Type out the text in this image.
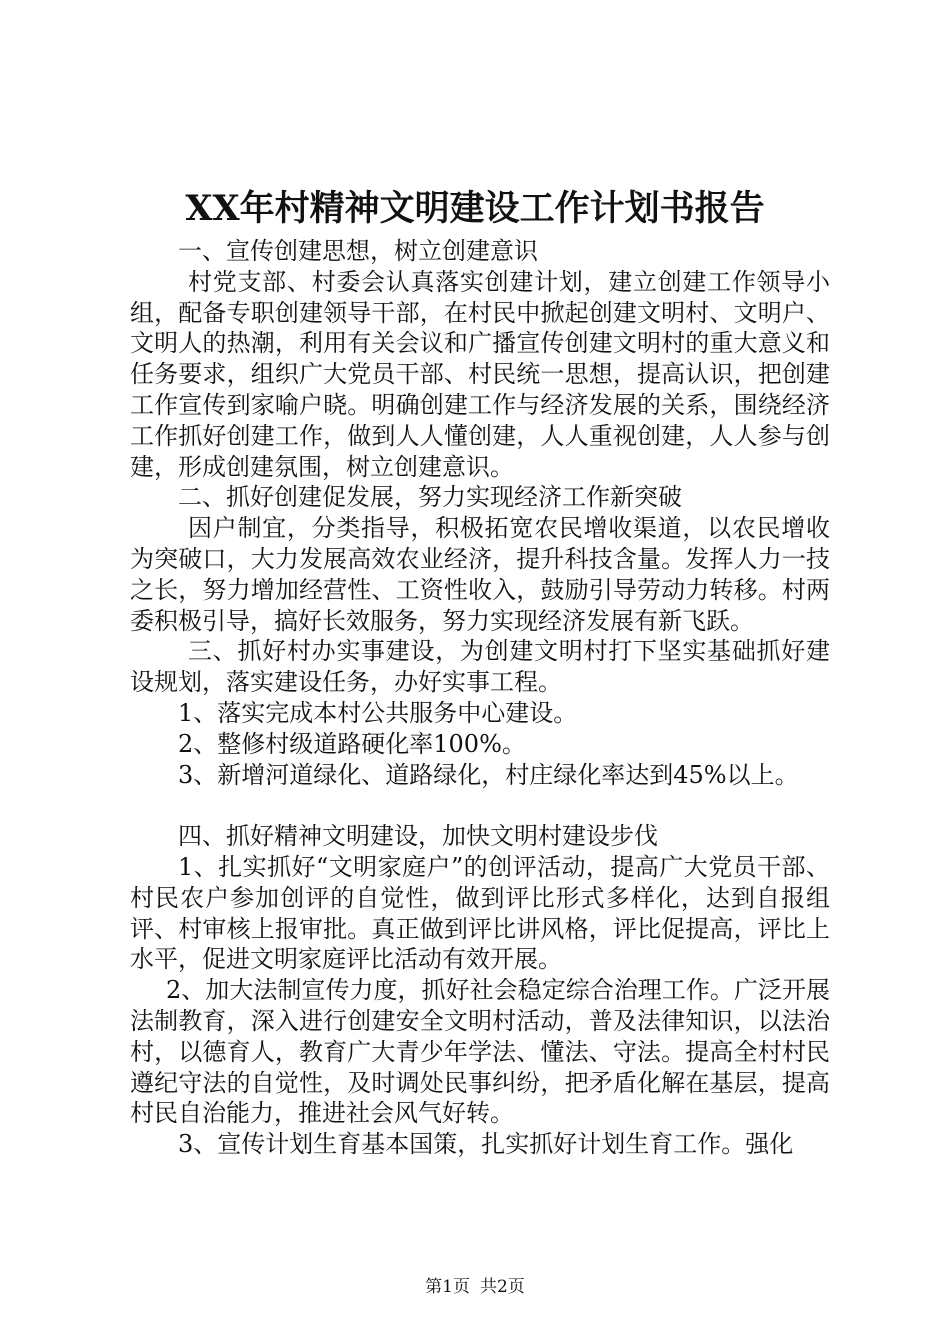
XX年村精神文明建设工作计划书报告

一、宣传创建思想，树立创建意识

村党支部、村委会认真落实创建计划，建立创建工作领导小组，配备专职创建领导干部，在村民中掀起创建文明村、文明户、文明人的热潮，利用有关会议和广播宣传创建文明村的重大意义和任务要求，组织广大党员干部、村民统一思想，提高认识，把创建工作宣传到家喻户晓。明确创建工作与经济发展的关系，围绕经济工作抓好创建工作，做到人人懂创建，人人重视创建，人人参与创建，形成创建氛围，树立创建意识。

二、抓好创建促发展，努力实现经济工作新突破

因户制宜，分类指导，积极拓宽农民增收渠道，以农民增收为突破口，大力发展高效农业经济，提升科技含量。发挥人力一技之长，努力增加经营性、工资性收入，鼓励引导劳动力转移。村两委积极引导，搞好长效服务，努力实现经济发展有新飞跃。

三、抓好村办实事建设，为创建文明村打下坚实基础抓好建设规划，落实建设任务，办好实事工程。

1、落实完成本村公共服务中心建设。

2、整修村级道路硬化率100%。

3、新增河道绿化、道路绿化，村庄绿化率达到45%以上。

四、抓好精神文明建设，加快文明村建设步伐

1、扎实抓好“文明家庭户”的创评活动，提高广大党员干部、村民农户参加创评的自觉性，做到评比形式多样化，达到自报组评、村审核上报审批。真正做到评比讲风格，评比促提高，评比上水平，促进文明家庭评比活动有效开展。

2、加大法制宣传力度，抓好社会稳定综合治理工作。广泛开展法制教育，深入进行创建安全文明村活动，普及法律知识，以法治村，以德育人，教育广大青少年学法、懂法、守法。提高全村村民遵纪守法的自觉性，及时调处民事纠纷，把矛盾化解在基层，提高村民自治能力，推进社会风气好转。

3、宣传计划生育基本国策，扎实抓好计划生育工作。强化

第1页 共2页
